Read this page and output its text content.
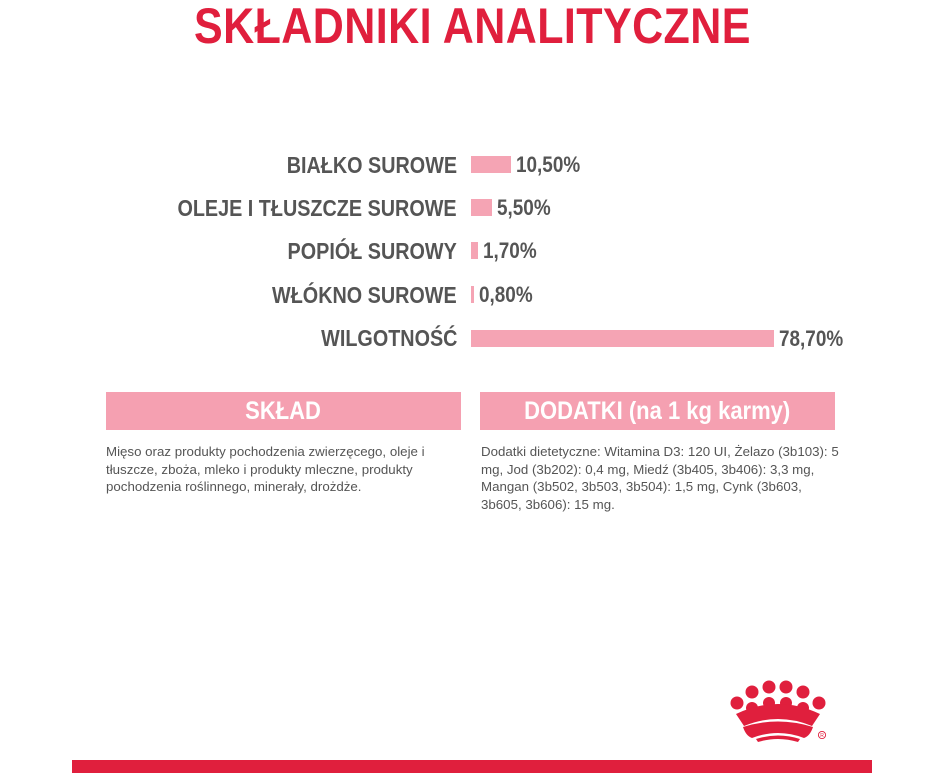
SKŁADNIKI ANALITYCZNE
BIAŁKO SUROWE	10,50%
OLEJE I TŁUSZCZE SUROWE 5,50%
POPIÓŁ SUROWY 1,70%
WŁÓKNO SUROWE 0,80%
WILGOTNOŚĆ	78,70%
SKŁAD
Mięso oraz produkty pochodzenia zwierzęcego, oleje i tłuszcze, zboża, mleko i produkty mleczne, produkty pochodzenia roślinnego, minerały, drożdże.
DODATKI (na 1 kg karmy)
Dodatki dietetyczne: Witamina D3: 120 UI, Żelazo (3b103): 5 mg, Jod (3b202): 0,4 mg, Miedź (3b405, 3b406): 3,3 mg, Mangan (3b502, 3b503, 3b504): 1,5 mg, Cynk (3b603, 3b605, 3b606): 15 mg.
R
